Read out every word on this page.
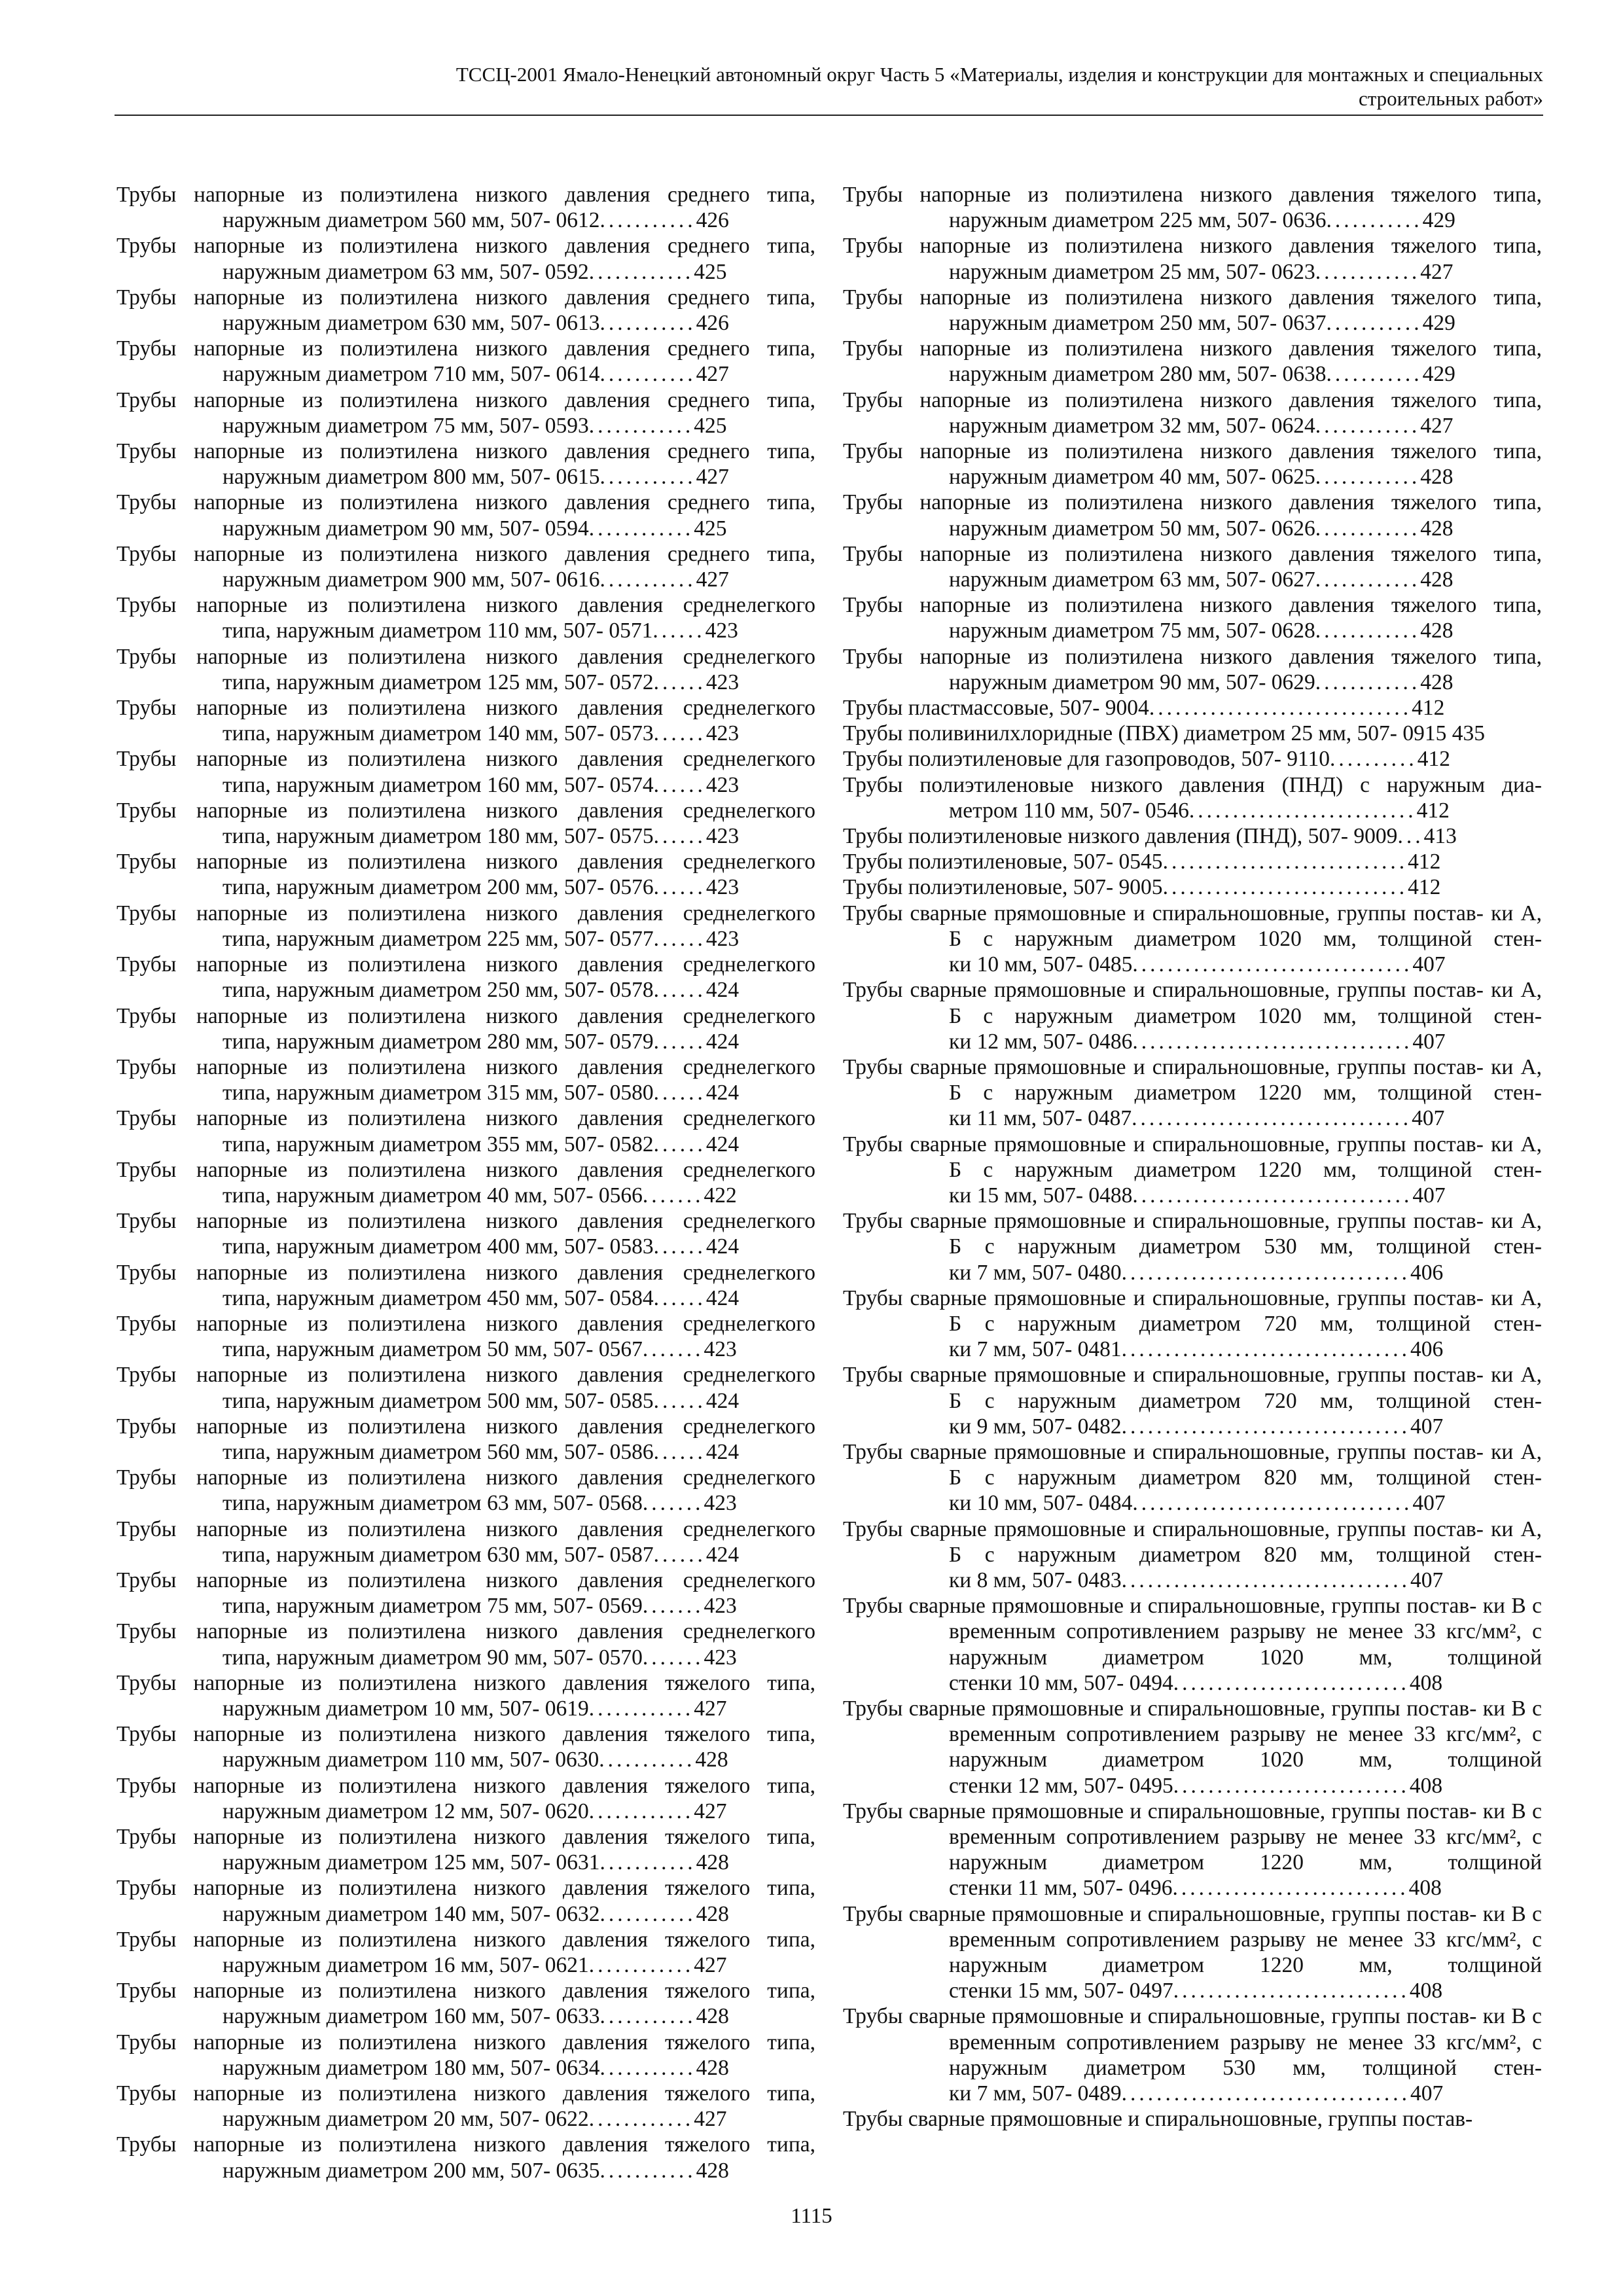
ТССЦ-2001 Ямало-Ненецкий автономный округ Часть 5 «Материалы, изделия и конструкции для монтажных и специальных
строительных работ»
Трубы напорные из полиэтилена низкого давления среднего типа, наружным диаметром 560 мм, 507- 0612...........426
Трубы напорные из полиэтилена низкого давления среднего типа, наружным диаметром 63 мм, 507- 0592............425
Трубы напорные из полиэтилена низкого давления среднего типа, наружным диаметром 630 мм, 507- 0613...........426
Трубы напорные из полиэтилена низкого давления среднего типа, наружным диаметром 710 мм, 507- 0614...........427
Трубы напорные из полиэтилена низкого давления среднего типа, наружным диаметром 75 мм, 507- 0593............425
Трубы напорные из полиэтилена низкого давления среднего типа, наружным диаметром 800 мм, 507- 0615...........427
Трубы напорные из полиэтилена низкого давления среднего типа, наружным диаметром 90 мм, 507- 0594............425
Трубы напорные из полиэтилена низкого давления среднего типа, наружным диаметром 900 мм, 507- 0616...........427
Трубы напорные из полиэтилена низкого давления среднелегкого типа, наружным диаметром 110 мм, 507- 0571......423
Трубы напорные из полиэтилена низкого давления среднелегкого типа, наружным диаметром 125 мм, 507- 0572......423
Трубы напорные из полиэтилена низкого давления среднелегкого типа, наружным диаметром 140 мм, 507- 0573......423
Трубы напорные из полиэтилена низкого давления среднелегкого типа, наружным диаметром 160 мм, 507- 0574......423
Трубы напорные из полиэтилена низкого давления среднелегкого типа, наружным диаметром 180 мм, 507- 0575......423
Трубы напорные из полиэтилена низкого давления среднелегкого типа, наружным диаметром 200 мм, 507- 0576......423
Трубы напорные из полиэтилена низкого давления среднелегкого типа, наружным диаметром 225 мм, 507- 0577......423
Трубы напорные из полиэтилена низкого давления среднелегкого типа, наружным диаметром 250 мм, 507- 0578......424
Трубы напорные из полиэтилена низкого давления среднелегкого типа, наружным диаметром 280 мм, 507- 0579......424
Трубы напорные из полиэтилена низкого давления среднелегкого типа, наружным диаметром 315 мм, 507- 0580......424
Трубы напорные из полиэтилена низкого давления среднелегкого типа, наружным диаметром 355 мм, 507- 0582......424
Трубы напорные из полиэтилена низкого давления среднелегкого типа, наружным диаметром 40 мм, 507- 0566.......422
Трубы напорные из полиэтилена низкого давления среднелегкого типа, наружным диаметром 400 мм, 507- 0583......424
Трубы напорные из полиэтилена низкого давления среднелегкого типа, наружным диаметром 450 мм, 507- 0584......424
Трубы напорные из полиэтилена низкого давления среднелегкого типа, наружным диаметром 50 мм, 507- 0567.......423
Трубы напорные из полиэтилена низкого давления среднелегкого типа, наружным диаметром 500 мм, 507- 0585......424
Трубы напорные из полиэтилена низкого давления среднелегкого типа, наружным диаметром 560 мм, 507- 0586......424
Трубы напорные из полиэтилена низкого давления среднелегкого типа, наружным диаметром 63 мм, 507- 0568.......423
Трубы напорные из полиэтилена низкого давления среднелегкого типа, наружным диаметром 630 мм, 507- 0587......424
Трубы напорные из полиэтилена низкого давления среднелегкого типа, наружным диаметром 75 мм, 507- 0569.......423
Трубы напорные из полиэтилена низкого давления среднелегкого типа, наружным диаметром 90 мм, 507- 0570.......423
Трубы напорные из полиэтилена низкого давления тяжелого типа, наружным диаметром 10 мм, 507- 0619............427
Трубы напорные из полиэтилена низкого давления тяжелого типа, наружным диаметром 110 мм, 507- 0630...........428
Трубы напорные из полиэтилена низкого давления тяжелого типа, наружным диаметром 12 мм, 507- 0620............427
Трубы напорные из полиэтилена низкого давления тяжелого типа, наружным диаметром 125 мм, 507- 0631...........428
Трубы напорные из полиэтилена низкого давления тяжелого типа, наружным диаметром 140 мм, 507- 0632...........428
Трубы напорные из полиэтилена низкого давления тяжелого типа, наружным диаметром 16 мм, 507- 0621............427
Трубы напорные из полиэтилена низкого давления тяжелого типа, наружным диаметром 160 мм, 507- 0633...........428
Трубы напорные из полиэтилена низкого давления тяжелого типа, наружным диаметром 180 мм, 507- 0634...........428
Трубы напорные из полиэтилена низкого давления тяжелого типа, наружным диаметром 20 мм, 507- 0622............427
Трубы напорные из полиэтилена низкого давления тяжелого типа, наружным диаметром 200 мм, 507- 0635...........428
Трубы напорные из полиэтилена низкого давления тяжелого типа, наружным диаметром 225 мм, 507- 0636...........429
Трубы напорные из полиэтилена низкого давления тяжелого типа, наружным диаметром 25 мм, 507- 0623............427
Трубы напорные из полиэтилена низкого давления тяжелого типа, наружным диаметром 250 мм, 507- 0637...........429
Трубы напорные из полиэтилена низкого давления тяжелого типа, наружным диаметром 280 мм, 507- 0638...........429
Трубы напорные из полиэтилена низкого давления тяжелого типа, наружным диаметром 32 мм, 507- 0624............427
Трубы напорные из полиэтилена низкого давления тяжелого типа, наружным диаметром 40 мм, 507- 0625............428
Трубы напорные из полиэтилена низкого давления тяжелого типа, наружным диаметром 50 мм, 507- 0626............428
Трубы напорные из полиэтилена низкого давления тяжелого типа, наружным диаметром 63 мм, 507- 0627............428
Трубы напорные из полиэтилена низкого давления тяжелого типа, наружным диаметром 75 мм, 507- 0628............428
Трубы напорные из полиэтилена низкого давления тяжелого типа, наружным диаметром 90 мм, 507- 0629............428
Трубы пластмассовые, 507- 9004..............................412
Трубы поливинилхлоридные (ПВХ) диаметром 25 мм, 507- 0915 435
Трубы полиэтиленовые для газопроводов, 507- 9110..........412
Трубы полиэтиленовые низкого давления (ПНД) с наружным диа- метром 110 мм, 507- 0546..........................412
Трубы полиэтиленовые низкого давления (ПНД), 507- 9009...413
Трубы полиэтиленовые, 507- 0545............................412
Трубы полиэтиленовые, 507- 9005............................412
Трубы сварные прямошовные и спиральношовные, группы постав- ки А, Б с наружным диаметром 1020 мм, толщиной стен- ки 10 мм, 507- 0485................................407
Трубы сварные прямошовные и спиральношовные, группы постав- ки А, Б с наружным диаметром 1020 мм, толщиной стен- ки 12 мм, 507- 0486................................407
Трубы сварные прямошовные и спиральношовные, группы постав- ки А, Б с наружным диаметром 1220 мм, толщиной стен- ки 11 мм, 507- 0487................................407
Трубы сварные прямошовные и спиральношовные, группы постав- ки А, Б с наружным диаметром 1220 мм, толщиной стен- ки 15 мм, 507- 0488................................407
Трубы сварные прямошовные и спиральношовные, группы постав- ки А, Б с наружным диаметром 530 мм, толщиной стен- ки 7 мм, 507- 0480.................................406
Трубы сварные прямошовные и спиральношовные, группы постав- ки А, Б с наружным диаметром 720 мм, толщиной стен- ки 7 мм, 507- 0481.................................406
Трубы сварные прямошовные и спиральношовные, группы постав- ки А, Б с наружным диаметром 720 мм, толщиной стен- ки 9 мм, 507- 0482.................................407
Трубы сварные прямошовные и спиральношовные, группы постав- ки А, Б с наружным диаметром 820 мм, толщиной стен- ки 10 мм, 507- 0484................................407
Трубы сварные прямошовные и спиральношовные, группы постав- ки А, Б с наружным диаметром 820 мм, толщиной стен- ки 8 мм, 507- 0483.................................407
Трубы сварные прямошовные и спиральношовные, группы постав- ки В с временным сопротивлением разрыву не менее 33 кгс/мм², с наружным диаметром 1020 мм, толщиной стенки 10 мм, 507- 0494...........................408
Трубы сварные прямошовные и спиральношовные, группы постав- ки В с временным сопротивлением разрыву не менее 33 кгс/мм², с наружным диаметром 1020 мм, толщиной стенки 12 мм, 507- 0495...........................408
Трубы сварные прямошовные и спиральношовные, группы постав- ки В с временным сопротивлением разрыву не менее 33 кгс/мм², с наружным диаметром 1220 мм, толщиной стенки 11 мм, 507- 0496...........................408
Трубы сварные прямошовные и спиральношовные, группы постав- ки В с временным сопротивлением разрыву не менее 33 кгс/мм², с наружным диаметром 1220 мм, толщиной стенки 15 мм, 507- 0497...........................408
Трубы сварные прямошовные и спиральношовные, группы постав- ки В с временным сопротивлением разрыву не менее 33 кгс/мм², с наружным диаметром 530 мм, толщиной стен- ки 7 мм, 507- 0489.................................407
Трубы сварные прямошовные и спиральношовные, группы постав-
1115
